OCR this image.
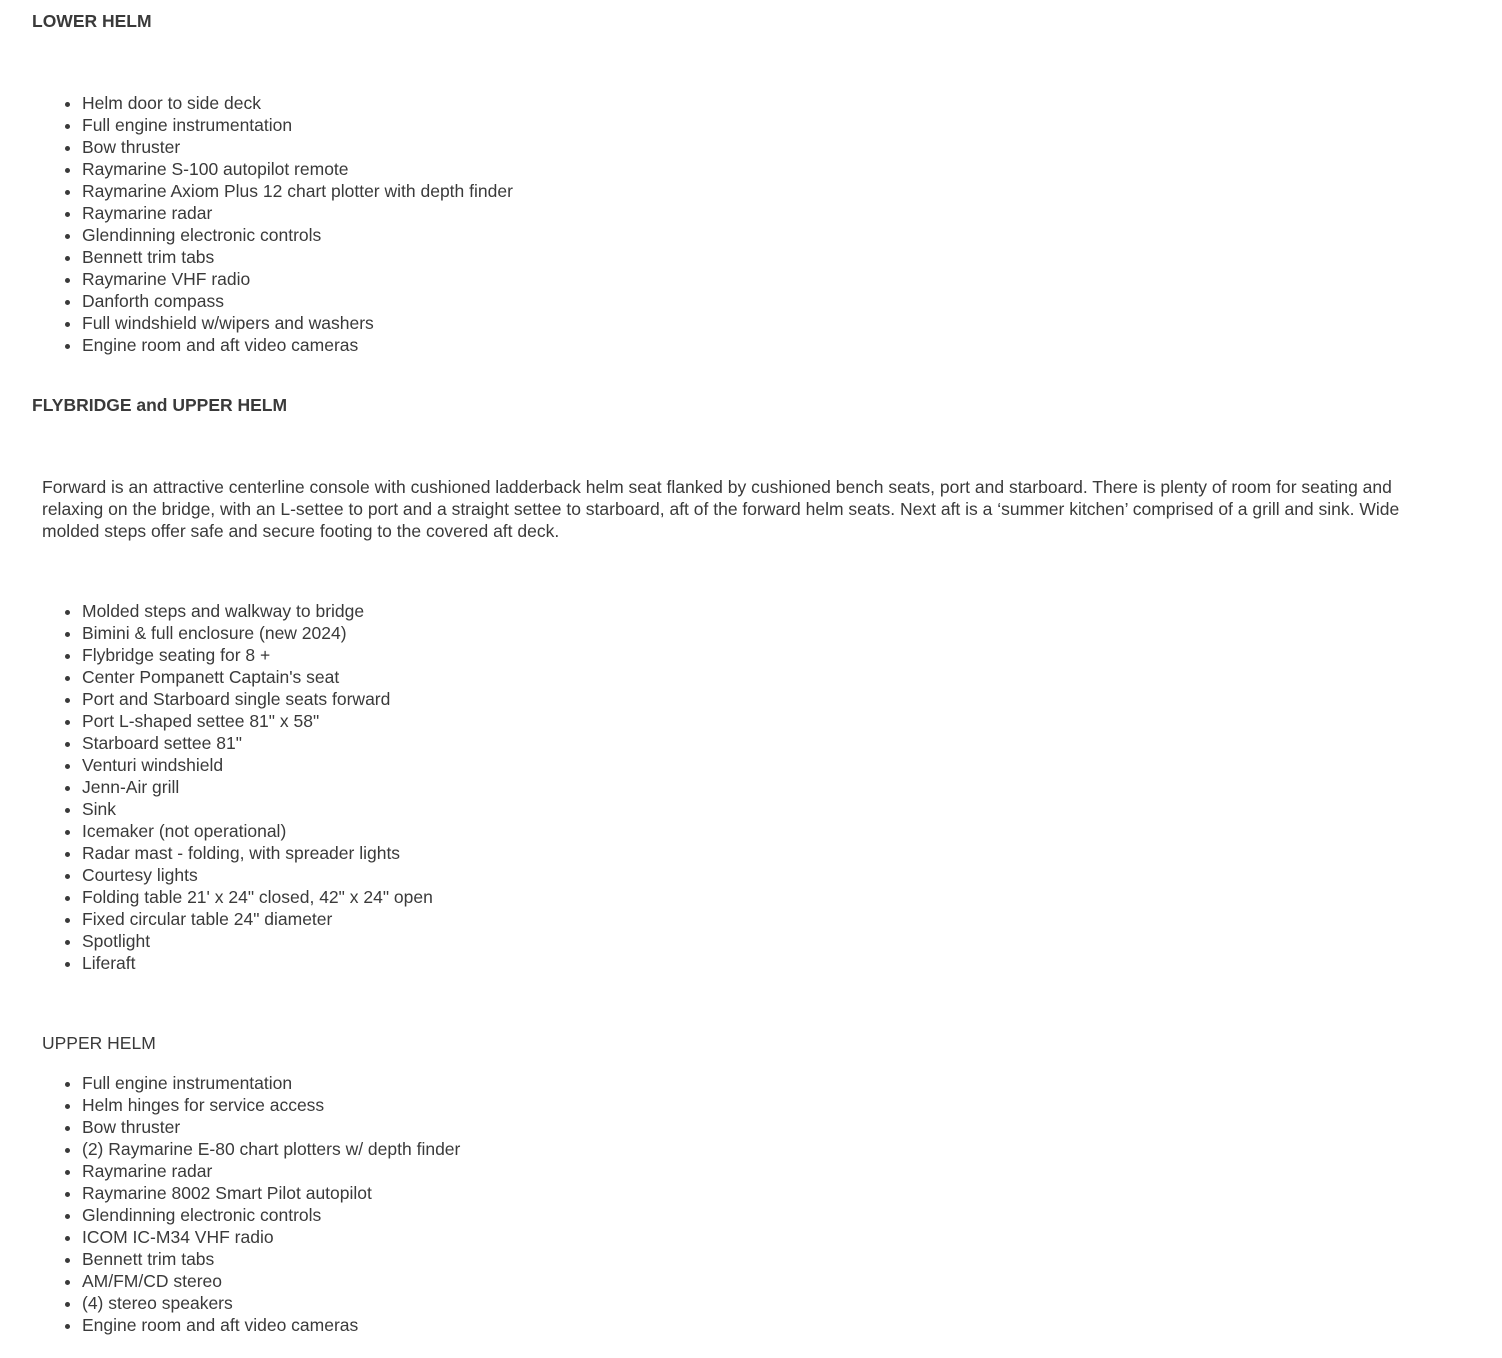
LOWER HELM
• Helm door to side deck
• Full engine instrumentation
• Bow thruster
• Raymarine S-100 autopilot remote
• Raymarine Axiom Plus 12 chart plotter with depth finder
• Raymarine radar
• Glendinning electronic controls
• Bennett trim tabs
• Raymarine VHF radio
• Danforth compass
• Full windshield w/wipers and washers
• Engine room and aft video cameras
FLYBRIDGE and UPPER HELM

Forward is an attractive centerline console with cushioned ladderback helm seat flanked by cushioned bench seats, port and starboard. There is plenty of room for seating and relaxing on the bridge, with an L-settee to port and a straight settee to starboard, aft of the forward helm seats. Next aft is a ‘summer kitchen’ comprised of a grill and sink. Wide molded steps offer safe and secure footing to the covered aft deck.

• Molded steps and walkway to bridge
• Bimini & full enclosure (new 2024)
• Flybridge seating for 8 +
• Center Pompanett Captain's seat
• Port and Starboard single seats forward
• Port L-shaped settee 81" x 58"
• Starboard settee 81"
• Venturi windshield
• Jenn-Air grill
• Sink
• Icemaker (not operational)
• Radar mast - folding, with spreader lights
• Courtesy lights
• Folding table 21' x 24" closed, 42" x 24" open
• Fixed circular table 24" diameter
• Spotlight
• Liferaft

UPPER HELM

• Full engine instrumentation
• Helm hinges for service access
• Bow thruster
• (2) Raymarine E-80 chart plotters w/ depth finder
• Raymarine radar
• Raymarine 8002 Smart Pilot autopilot
• Glendinning electronic controls
• ICOM IC-M34 VHF radio
• Bennett trim tabs
• AM/FM/CD stereo
• (4) stereo speakers
• Engine room and aft video cameras
